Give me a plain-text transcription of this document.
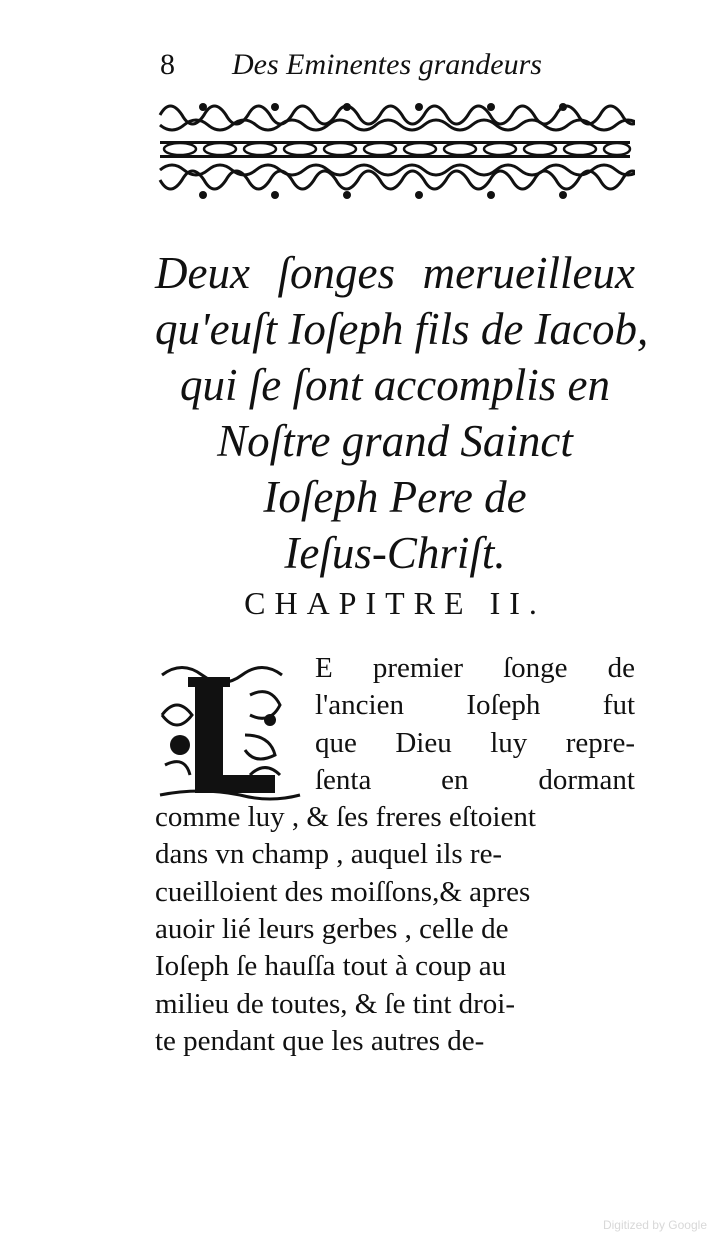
8 Des Eminentes grandeurs
Deux ſonges merueilleux
qu'euſt Ioſeph fils de Iacob,
qui ſe ſont accomplis en
Noſtre grand Sainct
Ioſeph Pere de
Ieſus-Chriſt.
CHAPITRE II.
E premier ſonge de
l'ancien Ioſeph fut
que Dieu luy repre-
ſenta en dormant
comme luy , & ſes freres eſtoient
dans vn champ , auquel ils re-
cueilloient des moiſſons,& apres
auoir lié leurs gerbes , celle de
Ioſeph ſe hauſſa tout à coup au
milieu de toutes, & ſe tint droi-
te pendant que les autres de-
Digitized by Google
